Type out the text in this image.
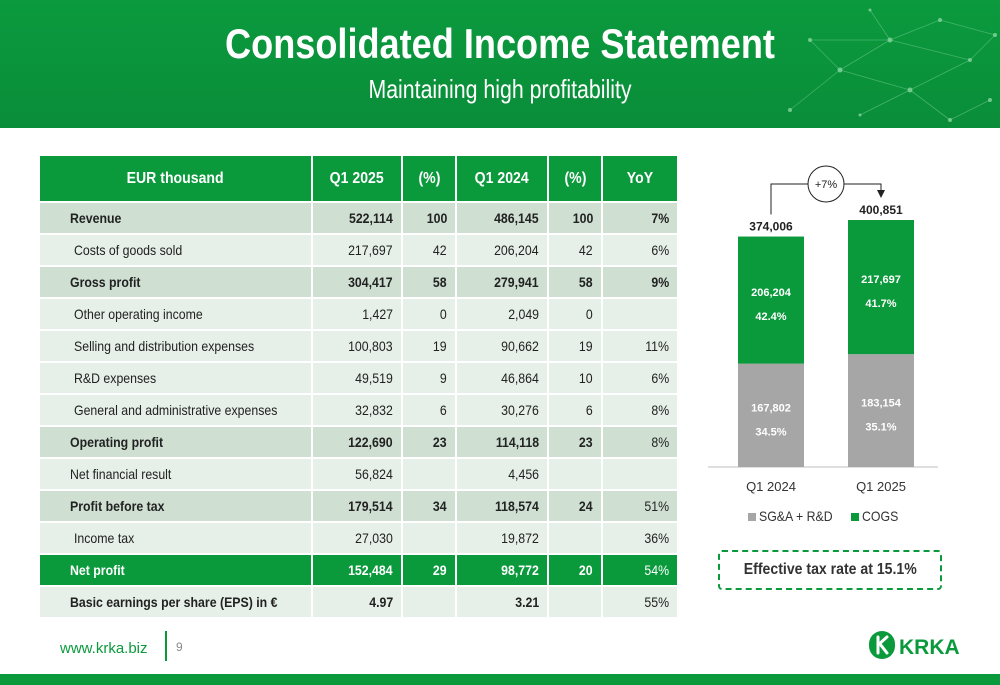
Consolidated Income Statement
Maintaining high profitability
EUR thousand	Q1 2025	(%)	Q1 2024	(%)	YoY
Revenue	522,114	100	486,145	100	7%
Costs of goods sold	217,697	42	206,204	42	6%
Gross profit	304,417	58	279,941	58	9%
Other operating income	1,427	0	2,049	0	
Selling and distribution expenses	100,803	19	90,662	19	11%
R&D expenses	49,519	9	46,864	10	6%
General and administrative expenses	32,832	6	30,276	6	8%
Operating profit	122,690	23	114,118	23	8%
Net financial result	56,824		4,456		
Profit before tax	179,514	34	118,574	24	51%
Income tax	27,030		19,872		36%
Net profit	152,484	29	98,772	20	54%
Basic earnings per share (EPS) in €	4.97		3.21		55%
167,802
34.5%
206,204
42.4%
374,006
Q1 2024
183,154
35.1%
217,697
41.7%
400,851
Q1 2025
+7%
SG&A + R&D COGS
Effective tax rate at 15.1%
www.krka.biz 9	KRKA
